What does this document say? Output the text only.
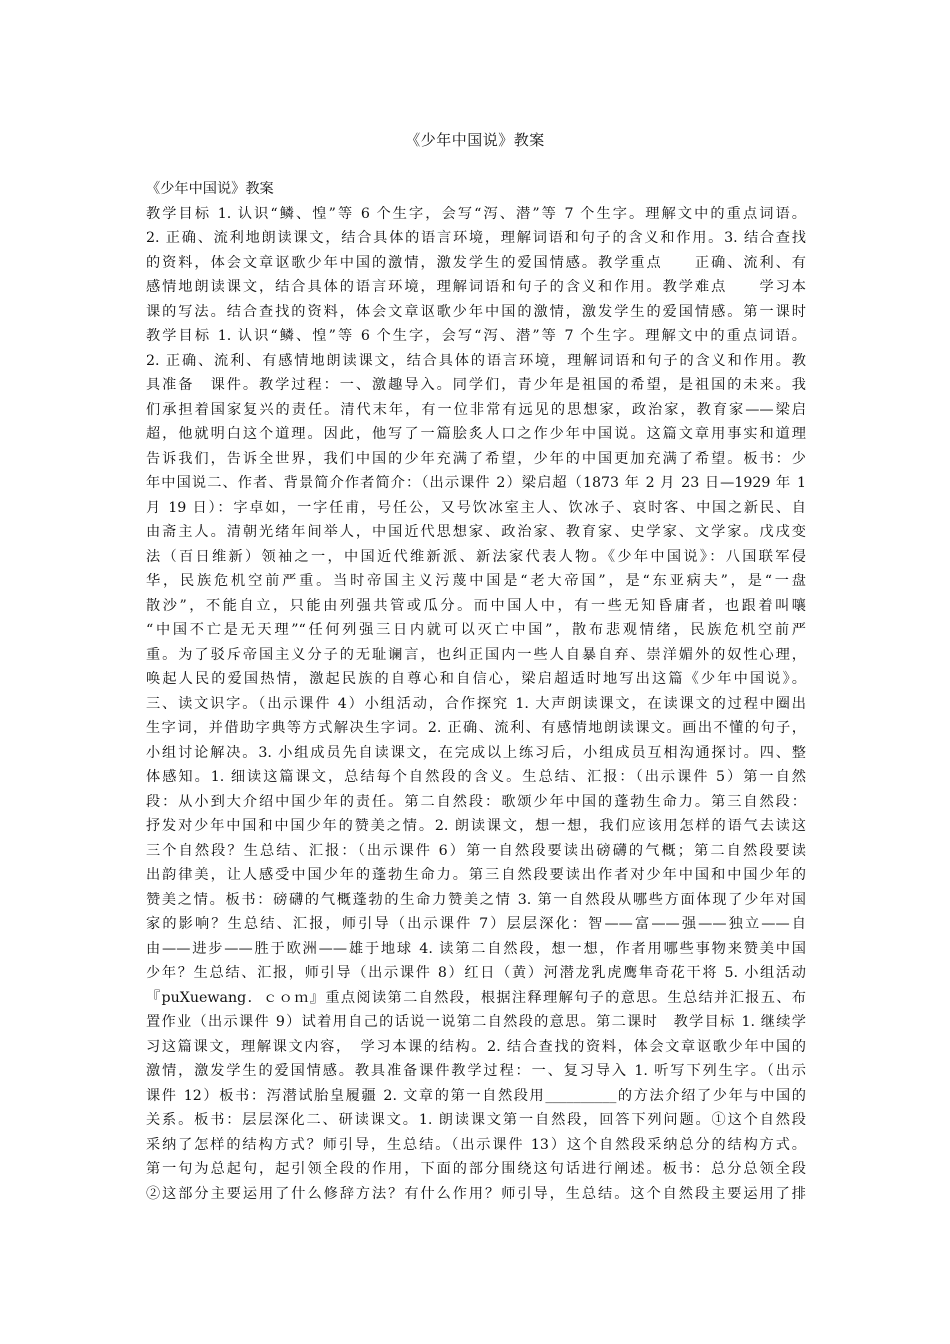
《少年中国说》教案

《少年中国说》教案

教学目标 1. 认识“鳞、惶”等 6 个生字，会写“泻、潜”等 7 个生字。理解文中的重点词语。

2. 正确、流利地朗读课文，结合具体的语言环境，理解词语和句子的含义和作用。3. 结合查找

的资料，体会文章讴歌少年中国的激情，激发学生的爱国情感。教学重点　　正确、流利、有

感情地朗读课文，结合具体的语言环境，理解词语和句子的含义和作用。教学难点　　学习本

课的写法。结合查找的资料，体会文章讴歌少年中国的激情，激发学生的爱国情感。第一课时

教学目标 1. 认识“鳞、惶”等 6 个生字，会写“泻、潜”等 7 个生字。理解文中的重点词语。

2. 正确、流利、有感情地朗读课文，结合具体的语言环境，理解词语和句子的含义和作用。教

具准备　课件。教学过程：一、激趣导入。同学们，青少年是祖国的希望，是祖国的未来。我

们承担着国家复兴的责任。清代末年，有一位非常有远见的思想家，政治家，教育家——梁启

超，他就明白这个道理。因此，他写了一篇脍炙人口之作少年中国说。这篇文章用事实和道理

告诉我们，告诉全世界，我们中国的少年充满了希望，少年的中国更加充满了希望。板书：少

年中国说二、作者、背景简介作者简介：（出示课件 2）梁启超（1873 年 2 月 23 日—1929 年 1

月 19 日）：字卓如，一字任甫，号任公，又号饮冰室主人、饮冰子、哀时客、中国之新民、自

由斋主人。清朝光绪年间举人，中国近代思想家、政治家、教育家、史学家、文学家。戊戌变

法（百日维新）领袖之一，中国近代维新派、新法家代表人物。《少年中国说》：八国联军侵

华，民族危机空前严重。当时帝国主义污蔑中国是“老大帝国”，是“东亚病夫”，是“一盘

散沙”，不能自立，只能由列强共管或瓜分。而中国人中，有一些无知昏庸者，也跟着叫嚷

“中国不亡是无天理”“任何列强三日内就可以灭亡中国”，散布悲观情绪，民族危机空前严

重。为了驳斥帝国主义分子的无耻谰言，也纠正国内一些人自暴自弃、崇洋媚外的奴性心理，

唤起人民的爱国热情，激起民族的自尊心和自信心，梁启超适时地写出这篇《少年中国说》。

三、读文识字。（出示课件 4）小组活动，合作探究 1. 大声朗读课文，在读课文的过程中圈出

生字词，并借助字典等方式解决生字词。2. 正确、流利、有感情地朗读课文。画出不懂的句子，

小组讨论解决。3. 小组成员先自读课文，在完成以上练习后，小组成员互相沟通探讨。四、整

体感知。1. 细读这篇课文，总结每个自然段的含义。生总结、汇报：（出示课件 5）第一自然

段：从小到大介绍中国少年的责任。第二自然段：歌颂少年中国的蓬勃生命力。第三自然段：

抒发对少年中国和中国少年的赞美之情。2. 朗读课文，想一想，我们应该用怎样的语气去读这

三个自然段？生总结、汇报：（出示课件 6）第一自然段要读出磅礴的气概；第二自然段要读

出韵律美，让人感受中国少年的蓬勃生命力。第三自然段要读出作者对少年中国和中国少年的

赞美之情。板书：磅礴的气概蓬勃的生命力赞美之情 3. 第一自然段从哪些方面体现了少年对国

家的影响？生总结、汇报，师引导（出示课件 7）层层深化：智——富——强——独立——自

由——进步——胜于欧洲——雄于地球 4. 读第二自然段，想一想，作者用哪些事物来赞美中国

少年？生总结、汇报，师引导（出示课件 8）红日（黄）河潜龙乳虎鹰隼奇花干将 5. 小组活动

『puXuewang．ｃｏｍ』重点阅读第二自然段，根据注释理解句子的意思。生总结并汇报五、布

置作业（出示课件 9）试着用自己的话说一说第二自然段的意思。第二课时　教学目标 1. 继续学

习这篇课文，理解课文内容，　学习本课的结构。2. 结合查找的资料，体会文章讴歌少年中国的

激情，激发学生的爱国情感。教具准备课件教学过程：一、复习导入 1. 听写下列生字。（出示

课件 12）板书：泻潜试胎皇履疆 2. 文章的第一自然段用__________的方法介绍了少年与中国的

关系。板书：层层深化二、研读课文。1. 朗读课文第一自然段，回答下列问题。①这个自然段

采纳了怎样的结构方式？师引导，生总结。（出示课件 13）这个自然段采纳总分的结构方式。

第一句为总起句，起引领全段的作用，下面的部分围绕这句话进行阐述。板书：总分总领全段

②这部分主要运用了什么修辞方法？有什么作用？师引导，生总结。这个自然段主要运用了排
